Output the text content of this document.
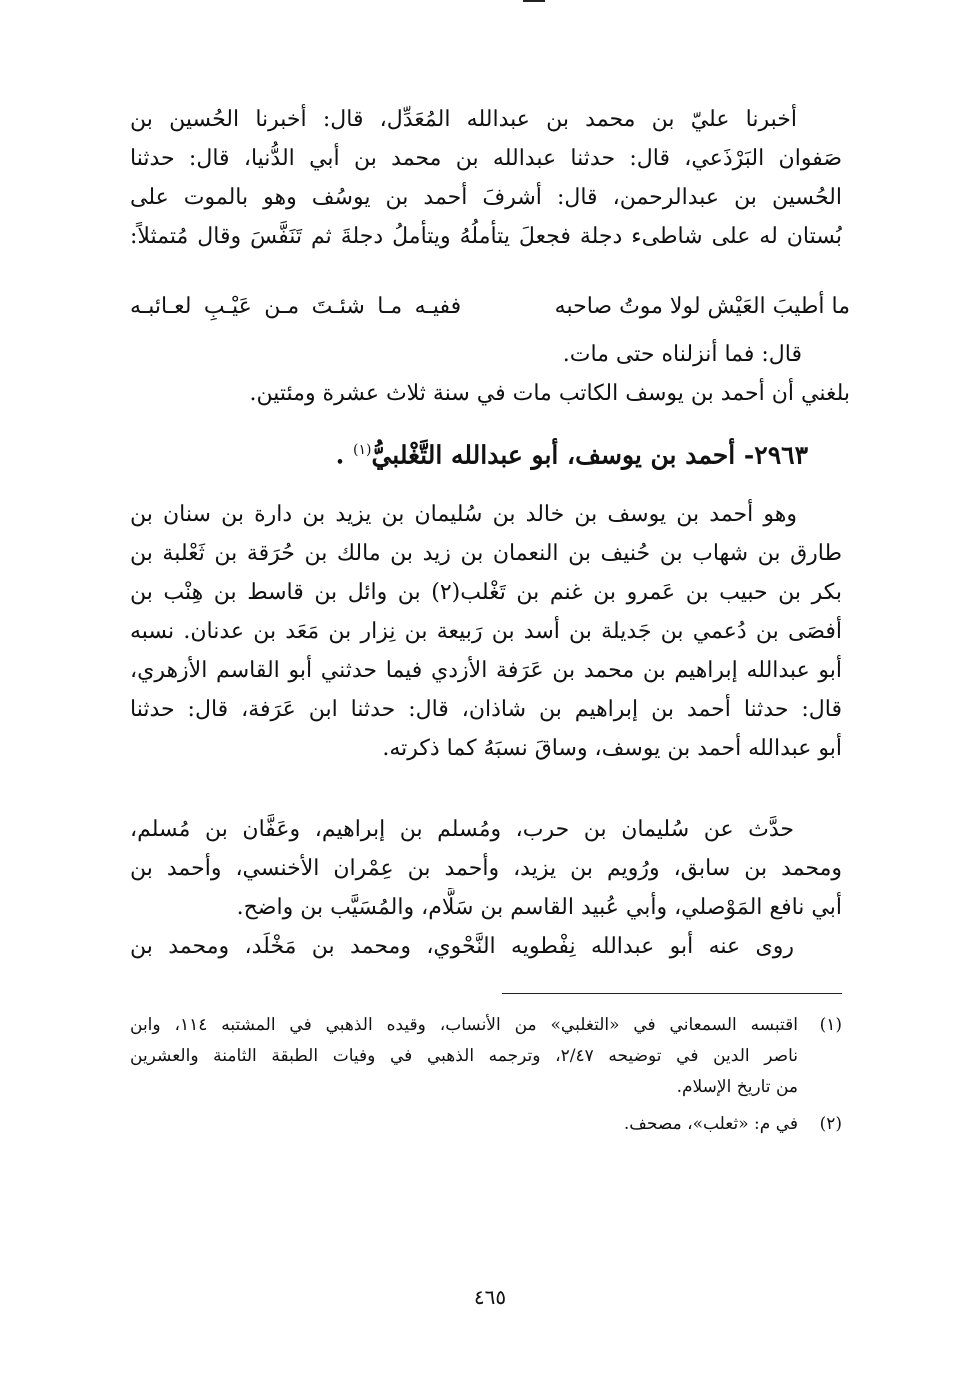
أخبرنا عليّ بن محمد بن عبدالله المُعَدِّل، قال: أخبرنا الحُسين بن
صَفوان البَرْذَعي، قال: حدثنا عبدالله بن محمد بن أبي الدُّنيا، قال: حدثنا
الحُسين بن عبدالرحمن، قال: أشرفَ أحمد بن يوسُف وهو بالموت على
بُستان له على شاطىء دجلة فجعلَ يتأملُهُ ويتأملُ دجلةَ ثم تَنَفَّسَ وقال مُتمثلاً:
ما أطيبَ العَيْش لولا موتُ صاحبه
ففيـه مـا شئـتَ مـن عَيْـبِ لعـائبـه
قال: فما أنزلناه حتى مات.
بلغني أن أحمد بن يوسف الكاتب مات في سنة ثلاث عشرة ومئتين.
٢٩٦٣- أحمد بن يوسف، أبو عبدالله التَّغْلبيُّ$^{(١)}$ .
وهو أحمد بن يوسف بن خالد بن سُليمان بن يزيد بن دارة بن سنان بن
طارق بن شهاب بن حُنيف بن النعمان بن زيد بن مالك بن حُرَقة بن ثَعْلبة بن
بكر بن حبيب بن عَمرو بن غنم بن تَغْلب(٢) بن وائل بن قاسط بن هِنْب بن
أفصَى بن دُعمي بن جَديلة بن أسد بن رَبيعة بن نِزار بن مَعَد بن عدنان. نسبه
أبو عبدالله إبراهيم بن محمد بن عَرَفة الأزدي فيما حدثني أبو القاسم الأزهري،
قال: حدثنا أحمد بن إبراهيم بن شاذان، قال: حدثنا ابن عَرَفة، قال: حدثنا
أبو عبدالله أحمد بن يوسف، وساقَ نسبَهُ كما ذكرته.
حدَّث عن سُليمان بن حرب، ومُسلم بن إبراهيم، وعَفَّان بن مُسلم،
ومحمد بن سابق، ورُويم بن يزيد، وأحمد بن عِمْران الأخنسي، وأحمد بن
أبي نافع المَوْصلي، وأبي عُبيد القاسم بن سَلَّام، والمُسَيَّب بن واضح.
روى عنه أبو عبدالله نِفْطويه النَّحْوي، ومحمد بن مَخْلَد، ومحمد بن
(١)
اقتبسه السمعاني في «التغلبي» من الأنساب، وقيده الذهبي في المشتبه ١١٤، وابن
ناصر الدين في توضيحه ٢/٤٧، وترجمه الذهبي في وفيات الطبقة الثامنة والعشرين
من تاريخ الإسلام.
(٢)
في م: «ثعلب»، مصحف.
٤٦٥
